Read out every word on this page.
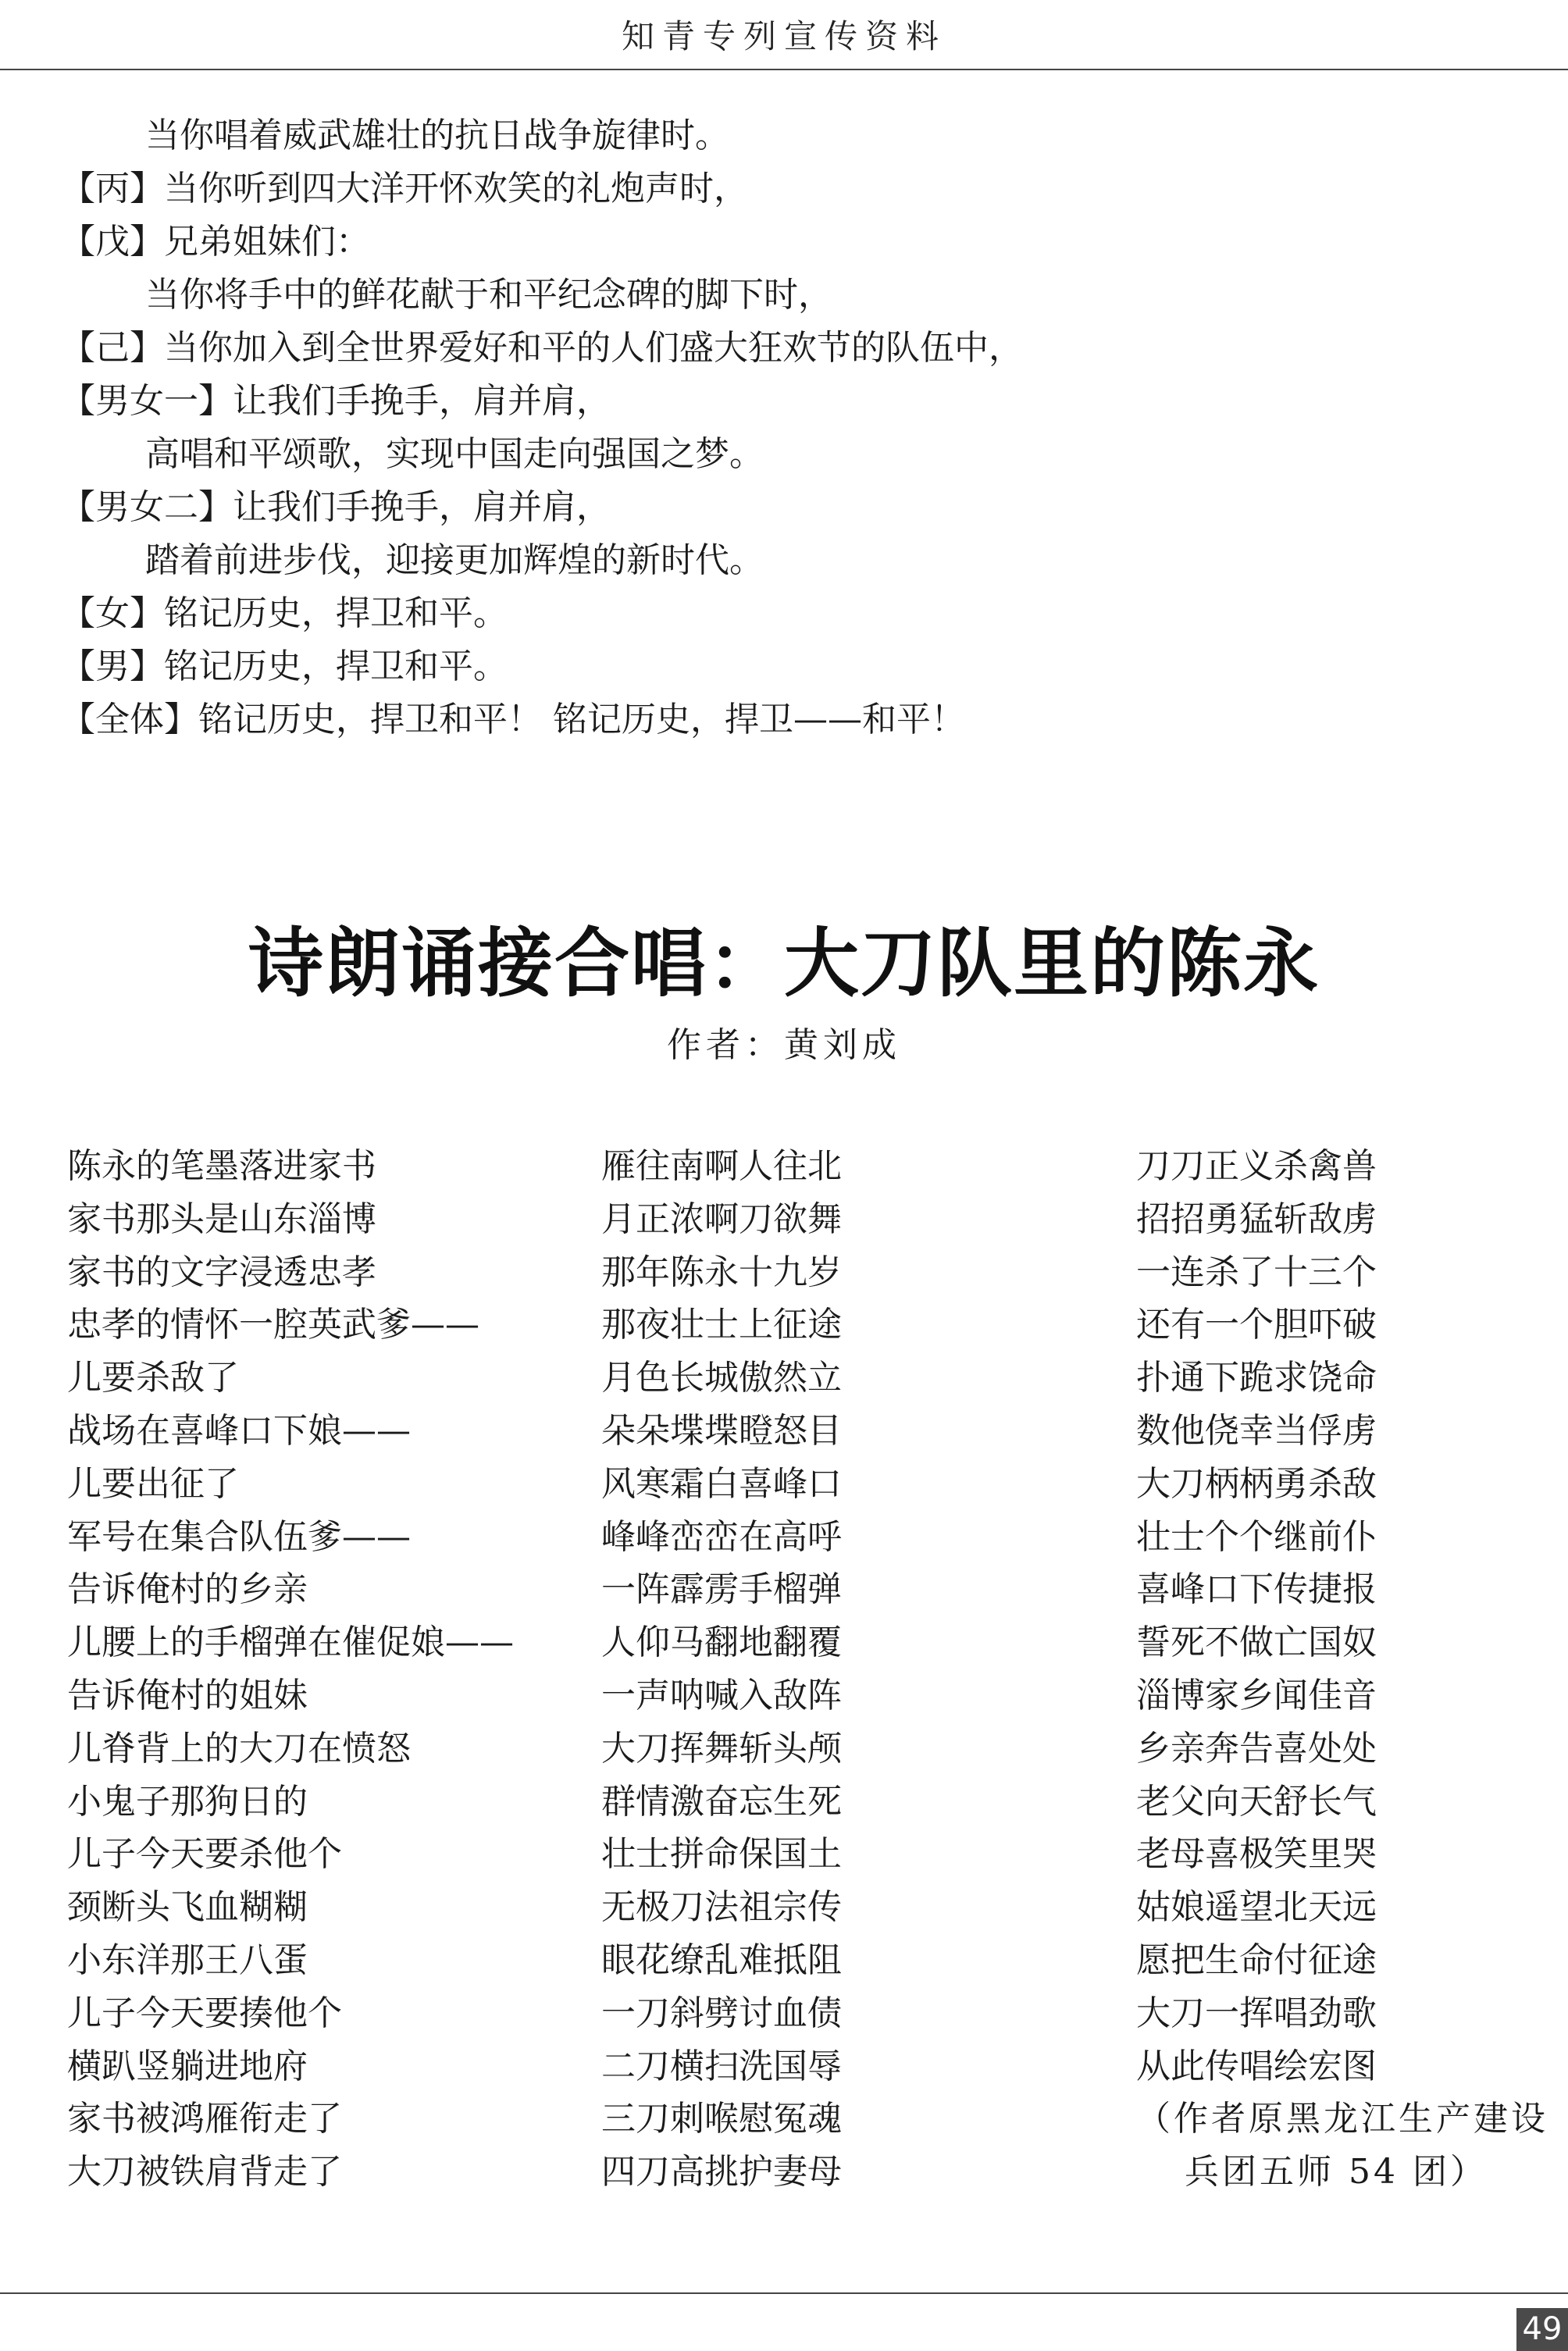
知青专列宣传资料
当你唱着威武雄壮的抗日战争旋律时。
【丙】当你听到四大洋开怀欢笑的礼炮声时，
【戊】兄弟姐妹们：
当你将手中的鲜花献于和平纪念碑的脚下时，
【己】当你加入到全世界爱好和平的人们盛大狂欢节的队伍中，
【男女一】让我们手挽手，肩并肩，
高唱和平颂歌，实现中国走向强国之梦。
【男女二】让我们手挽手，肩并肩，
踏着前进步伐，迎接更加辉煌的新时代。
【女】铭记历史，捍卫和平。
【男】铭记历史，捍卫和平。
【全体】铭记历史，捍卫和平！ 铭记历史，捍卫——和平！
诗朗诵接合唱：大刀队里的陈永
作者：黄刘成
陈永的笔墨落进家书
家书那头是山东淄博
家书的文字浸透忠孝
忠孝的情怀一腔英武爹——
儿要杀敌了
战场在喜峰口下娘——
儿要出征了
军号在集合队伍爹——
告诉俺村的乡亲
儿腰上的手榴弹在催促娘——
告诉俺村的姐妹
儿脊背上的大刀在愤怒
小鬼子那狗日的
儿子今天要杀他个
颈断头飞血糊糊
小东洋那王八蛋
儿子今天要揍他个
横趴竖躺进地府
家书被鸿雁衔走了
大刀被铁肩背走了
雁往南啊人往北
月正浓啊刀欲舞
那年陈永十九岁
那夜壮士上征途
月色长城傲然立
朵朵堞堞瞪怒目
风寒霜白喜峰口
峰峰峦峦在高呼
一阵霹雳手榴弹
人仰马翻地翻覆
一声呐喊入敌阵
大刀挥舞斩头颅
群情激奋忘生死
壮士拼命保国土
无极刀法祖宗传
眼花缭乱难抵阻
一刀斜劈讨血债
二刀横扫洗国辱
三刀刺喉慰冤魂
四刀高挑护妻母
刀刀正义杀禽兽
招招勇猛斩敌虏
一连杀了十三个
还有一个胆吓破
扑通下跪求饶命
数他侥幸当俘虏
大刀柄柄勇杀敌
壮士个个继前仆
喜峰口下传捷报
誓死不做亡国奴
淄博家乡闻佳音
乡亲奔告喜处处
老父向天舒长气
老母喜极笑里哭
姑娘遥望北天远
愿把生命付征途
大刀一挥唱劲歌
从此传唱绘宏图
（作者原黑龙江生产建设
兵团五师 54 团）
49
